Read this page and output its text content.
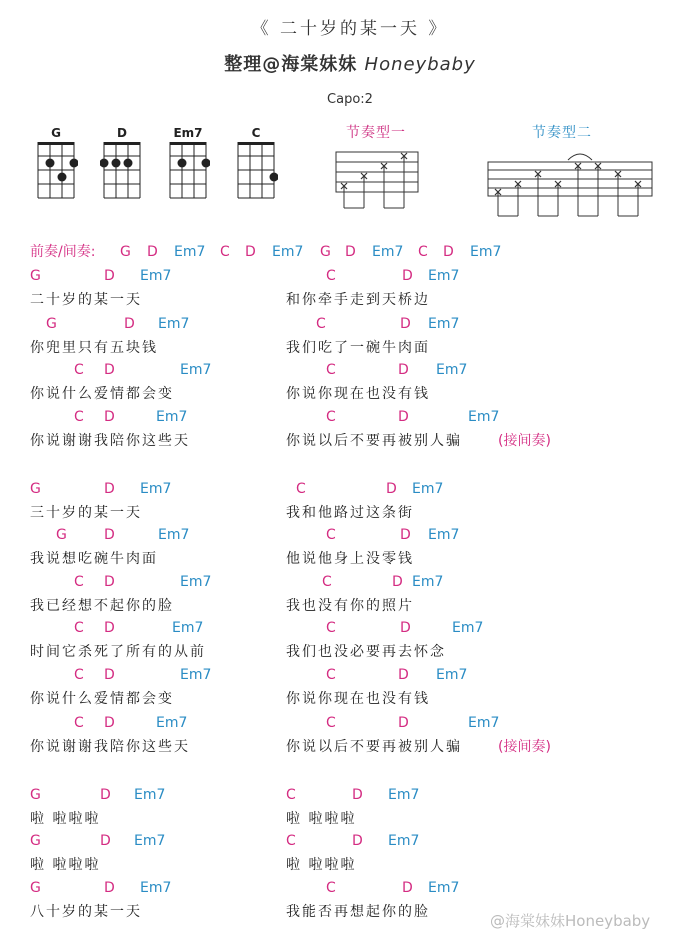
《 二十岁的某一天 》
整理@海棠妹妹 Honeybaby
Capo:2
G	D	Em7	C	节奏型一	节奏型二
前奏/间奏: G D Em7 C D Em7 G D Em7 C D Em7
G	D Em7
二十岁的某一天
G	D Em7
你兜里只有五块钱
C D	Em7
你说什么爱情都会变
C D	Em7
你说谢谢我陪你这些天
G	D Em7
三十岁的某一天
G	D	Em7
我说想吃碗牛肉面
C D	Em7
我已经想不起你的脸
C D	Em7
时间它杀死了所有的从前
C D	Em7
你说什么爱情都会变
C D	Em7
你说谢谢我陪你这些天
G	D Em7
啦 啦啦啦
G	D Em7
啦 啦啦啦
G	D Em7
八十岁的某一天
C	D Em7
和你牵手走到天桥边
C	D Em7
我们吃了一碗牛肉面
C	D Em7
你说你现在也没有钱
C	D	Em7
你说以后不要再被别人骗	(接间奏)
C	D Em7
我和他路过这条街
C	D Em7
他说他身上没零钱
C	D Em7
我也没有你的照片
C	D	Em7
我们也没必要再去怀念
C	D Em7
你说你现在也没有钱
C	D	Em7
你说以后不要再被别人骗	(接间奏)
C	D Em7
啦 啦啦啦
C	D Em7
啦 啦啦啦
C	D Em7
我能否再想起你的脸	@海棠妹妹Honeybaby
